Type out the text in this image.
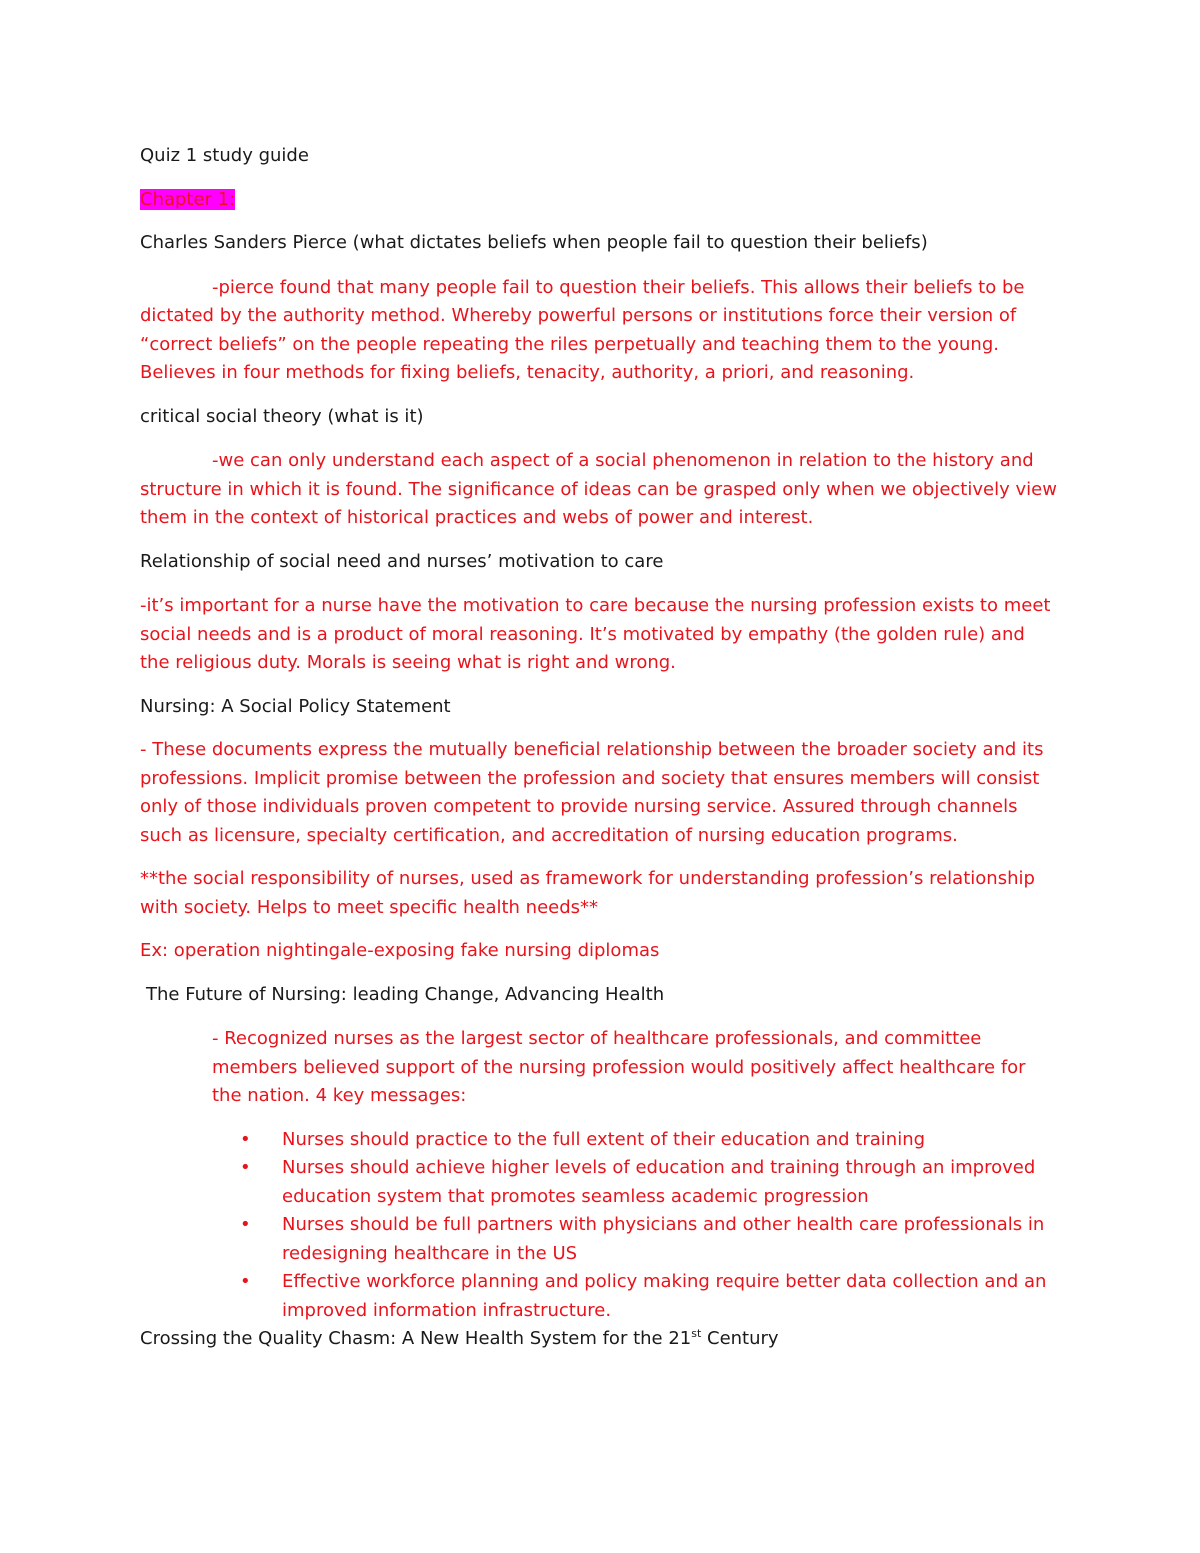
Quiz 1 study guide

Chapter 1:

Charles Sanders Pierce (what dictates beliefs when people fail to question their beliefs)

-pierce found that many people fail to question their beliefs. This allows their beliefs to be dictated by the authority method. Whereby powerful persons or institutions force their version of “correct beliefs” on the people repeating the riles perpetually and teaching them to the young. Believes in four methods for fixing beliefs, tenacity, authority, a priori, and reasoning.

critical social theory (what is it)

-we can only understand each aspect of a social phenomenon in relation to the history and structure in which it is found. The significance of ideas can be grasped only when we objectively view them in the context of historical practices and webs of power and interest.

Relationship of social need and nurses’ motivation to care

-it’s important for a nurse have the motivation to care because the nursing profession exists to meet social needs and is a product of moral reasoning. It’s motivated by empathy (the golden rule) and the religious duty. Morals is seeing what is right and wrong.

Nursing: A Social Policy Statement

- These documents express the mutually beneficial relationship between the broader society and its professions. Implicit promise between the profession and society that ensures members will consist only of those individuals proven competent to provide nursing service. Assured through channels such as licensure, specialty certification, and accreditation of nursing education programs.

**the social responsibility of nurses, used as framework for understanding profession’s relationship with society. Helps to meet specific health needs**

Ex: operation nightingale-exposing fake nursing diplomas

The Future of Nursing: leading Change, Advancing Health

- Recognized nurses as the largest sector of healthcare professionals, and committee members believed support of the nursing profession would positively affect healthcare for the nation. 4 key messages:

• Nurses should practice to the full extent of their education and training
• Nurses should achieve higher levels of education and training through an improved education system that promotes seamless academic progression
• Nurses should be full partners with physicians and other health care professionals in redesigning healthcare in the US
• Effective workforce planning and policy making require better data collection and an improved information infrastructure.

Crossing the Quality Chasm: A New Health System for the 21st Century
